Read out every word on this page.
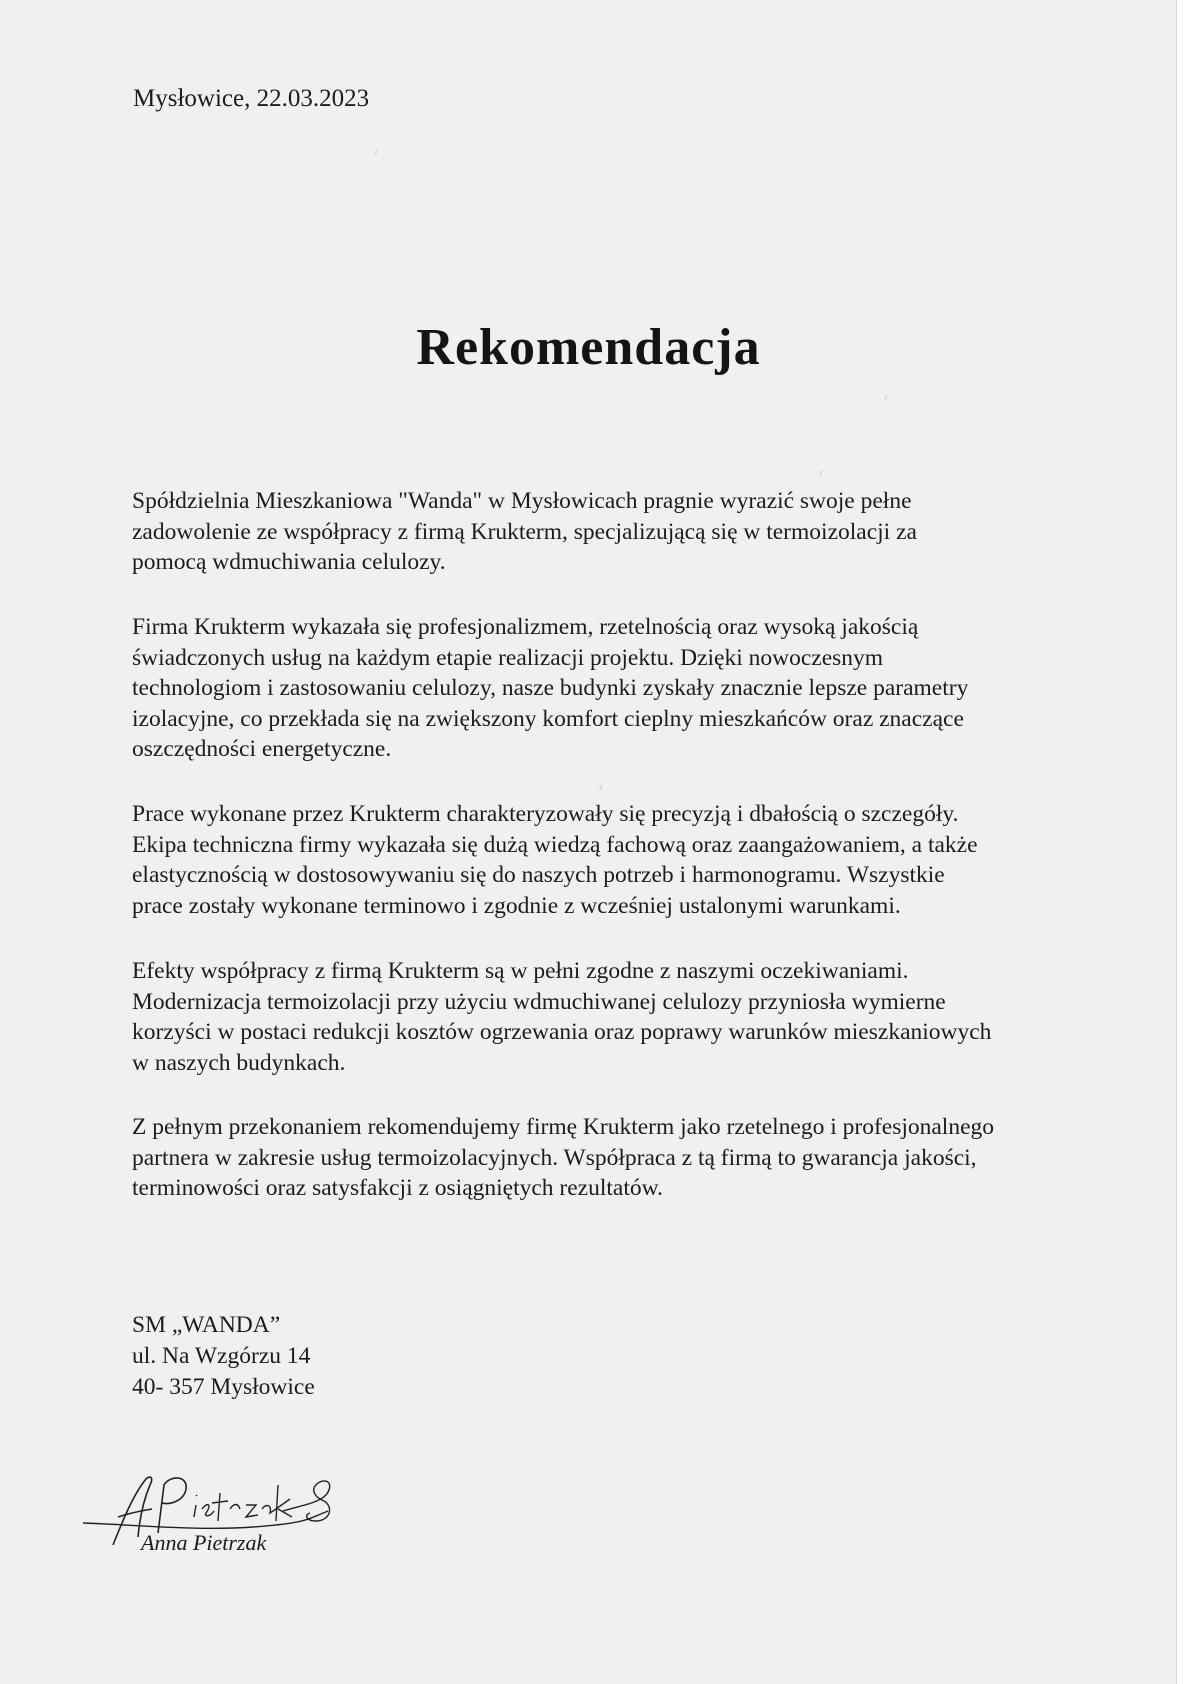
Mysłowice, 22.03.2023
Rekomendacja

Spółdzielnia Mieszkaniowa "Wanda" w Mysłowicach pragnie wyrazić swoje pełne
zadowolenie ze współpracy z firmą Krukterm, specjalizującą się w termoizolacji za
pomocą wdmuchiwania celulozy.

Firma Krukterm wykazała się profesjonalizmem, rzetelnością oraz wysoką jakością
świadczonych usług na każdym etapie realizacji projektu. Dzięki nowoczesnym
technologiom i zastosowaniu celulozy, nasze budynki zyskały znacznie lepsze parametry
izolacyjne, co przekłada się na zwiększony komfort cieplny mieszkańców oraz znaczące
oszczędności energetyczne.

Prace wykonane przez Krukterm charakteryzowały się precyzją i dbałością o szczegóły.
Ekipa techniczna firmy wykazała się dużą wiedzą fachową oraz zaangażowaniem, a także
elastycznością w dostosowywaniu się do naszych potrzeb i harmonogramu. Wszystkie
prace zostały wykonane terminowo i zgodnie z wcześniej ustalonymi warunkami.

Efekty współpracy z firmą Krukterm są w pełni zgodne z naszymi oczekiwaniami.
Modernizacja termoizolacji przy użyciu wdmuchiwanej celulozy przyniosła wymierne
korzyści w postaci redukcji kosztów ogrzewania oraz poprawy warunków mieszkaniowych
w naszych budynkach.

Z pełnym przekonaniem rekomendujemy firmę Krukterm jako rzetelnego i profesjonalnego
partnera w zakresie usług termoizolacyjnych. Współpraca z tą firmą to gwarancja jakości,
terminowości oraz satysfakcji z osiągniętych rezultatów.

SM „WANDA”
ul. Na Wzgórzu 14
40- 357 Mysłowice
Anna Pietrzak
